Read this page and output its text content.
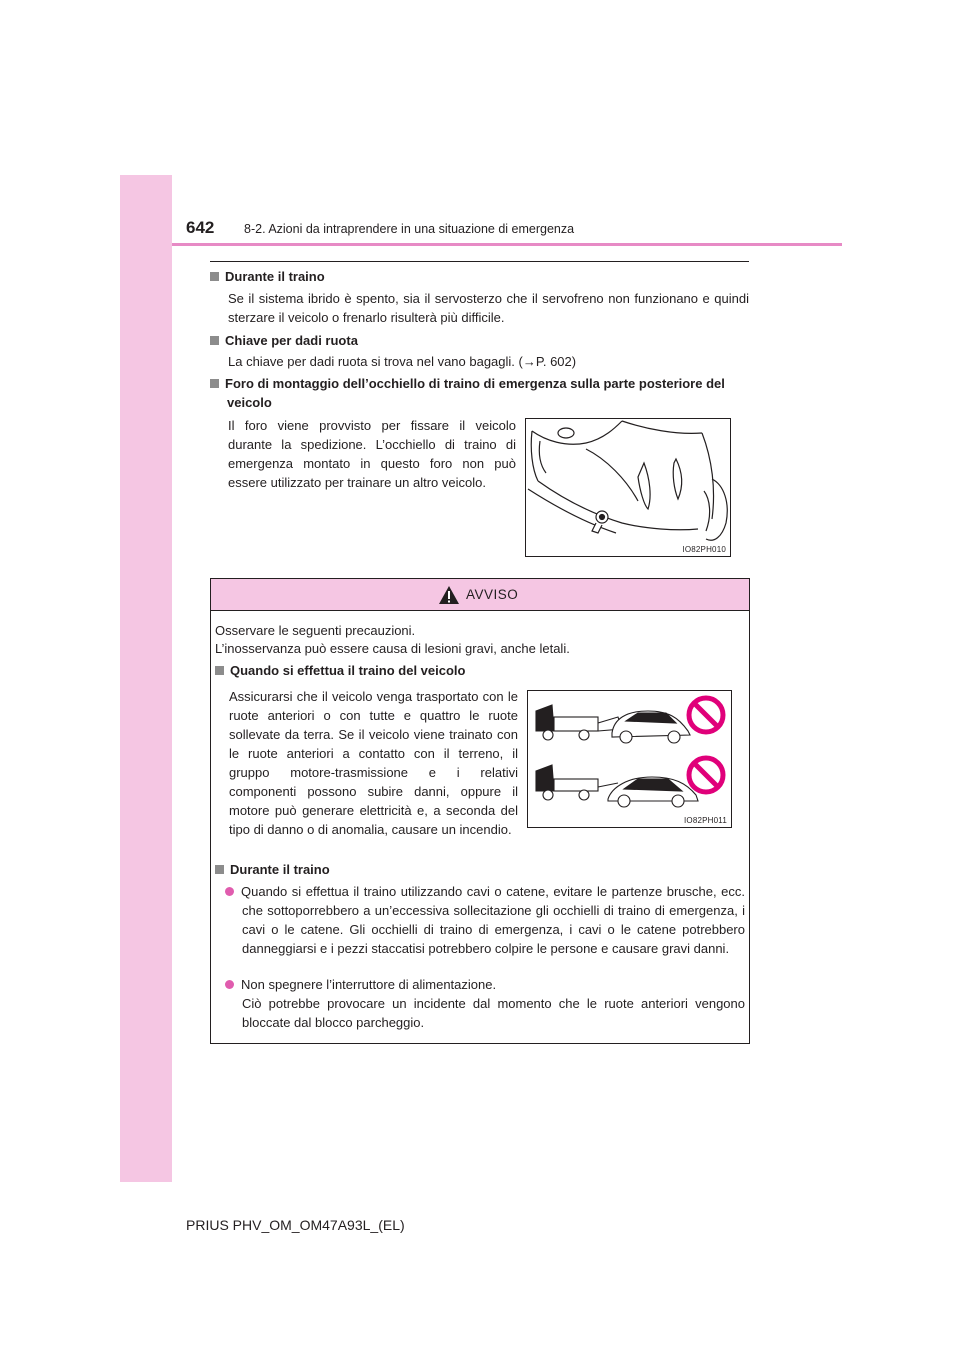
642 8-2. Azioni da intraprendere in una situazione di emergenza
Durante il traino
Se il sistema ibrido è spento, sia il servosterzo che il servofreno non funzionano e quindi sterzare il veicolo o frenarlo risulterà più difficile.
Chiave per dadi ruota
La chiave per dadi ruota si trova nel vano bagagli. (→P. 602)
Foro di montaggio dell’occhiello di traino di emergenza sulla parte posteriore del veicolo
Il foro viene provvisto per fissare il veicolo durante la spedizione. L’occhiello di traino di emergenza montato in questo foro non può essere utilizzato per trainare un altro veicolo.
IO82PH010
AVVISO
Osservare le seguenti precauzioni.
L’inosservanza può essere causa di lesioni gravi, anche letali.
Quando si effettua il traino del veicolo
Assicurarsi che il veicolo venga trasportato con le ruote anteriori o con tutte e quattro le ruote sollevate da terra. Se il veicolo viene trainato con le ruote anteriori a contatto con il terreno, il gruppo motore-trasmissione e i relativi componenti possono subire danni, oppure il motore può generare elettricità e, a seconda del tipo di danno o di anomalia, causare un incendio.
IO82PH011
Durante il traino
Quando si effettua il traino utilizzando cavi o catene, evitare le partenze brusche, ecc. che sottoporrebbero a un’eccessiva sollecitazione gli occhielli di traino di emergenza, i cavi o le catene. Gli occhielli di traino di emergenza, i cavi o le catene potrebbero danneggiarsi e i pezzi staccatisi potrebbero colpire le persone e causare gravi danni.
Non spegnere l’interruttore di alimentazione.
Ciò potrebbe provocare un incidente dal momento che le ruote anteriori vengono bloccate dal blocco parcheggio.
PRIUS PHV_OM_OM47A93L_(EL)
